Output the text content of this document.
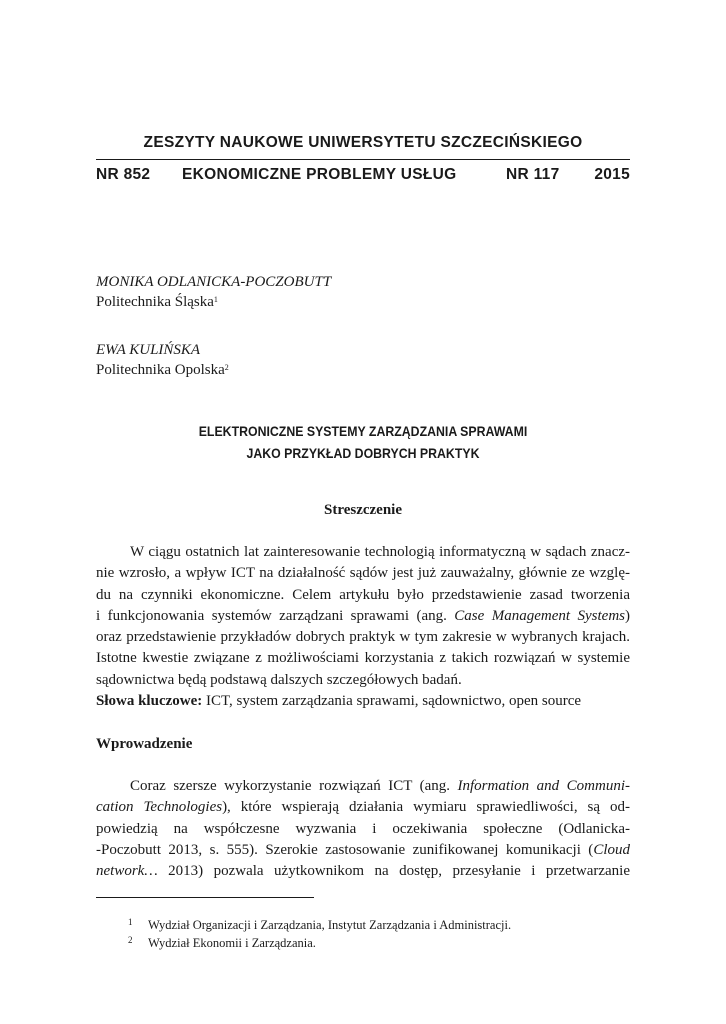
ZESZYTY NAUKOWE UNIWERSYTETU SZCZECIŃSKIEGO
NR 852 EKONOMICZNE PROBLEMY USŁUG	NR 117 2015
MONIKA ODLANICKA-POCZOBUTT
Politechnika Śląska$^1$
EWA KULIŃSKA
Politechnika Opolska$^2$
ELEKTRONICZNE SYSTEMY ZARZĄDZANIA SPRAWAMI
JAKO PRZYKŁAD DOBRYCH PRAKTYK
Streszczenie
W ciągu ostatnich lat zainteresowanie technologią informatyczną w sądach znacz-
nie wzrosło, a wpływ ICT na działalność sądów jest już zauważalny, głównie ze wzglę-
du na czynniki ekonomiczne. Celem artykułu było przedstawienie zasad tworzenia
i funkcjonowania systemów zarządzani sprawami (ang. Case Management Systems)
oraz przedstawienie przykładów dobrych praktyk w tym zakresie w wybranych krajach.
Istotne kwestie związane z możliwościami korzystania z takich rozwiązań w systemie
sądownictwa będą podstawą dalszych szczegółowych badań.
Słowa kluczowe: ICT, system zarządzania sprawami, sądownictwo, open source
Wprowadzenie
Coraz szersze wykorzystanie rozwiązań ICT (ang. Information and Communi-
cation Technologies), które wspierają działania wymiaru sprawiedliwości, są od-
powiedzią na współczesne wyzwania i oczekiwania społeczne (Odlanicka-
-Poczobutt 2013, s. 555). Szerokie zastosowanie zunifikowanej komunikacji (Cloud
network… 2013) pozwala użytkownikom na dostęp, przesyłanie i przetwarzanie
1 Wydział Organizacji i Zarządzania, Instytut Zarządzania i Administracji.
2 Wydział Ekonomii i Zarządzania.
